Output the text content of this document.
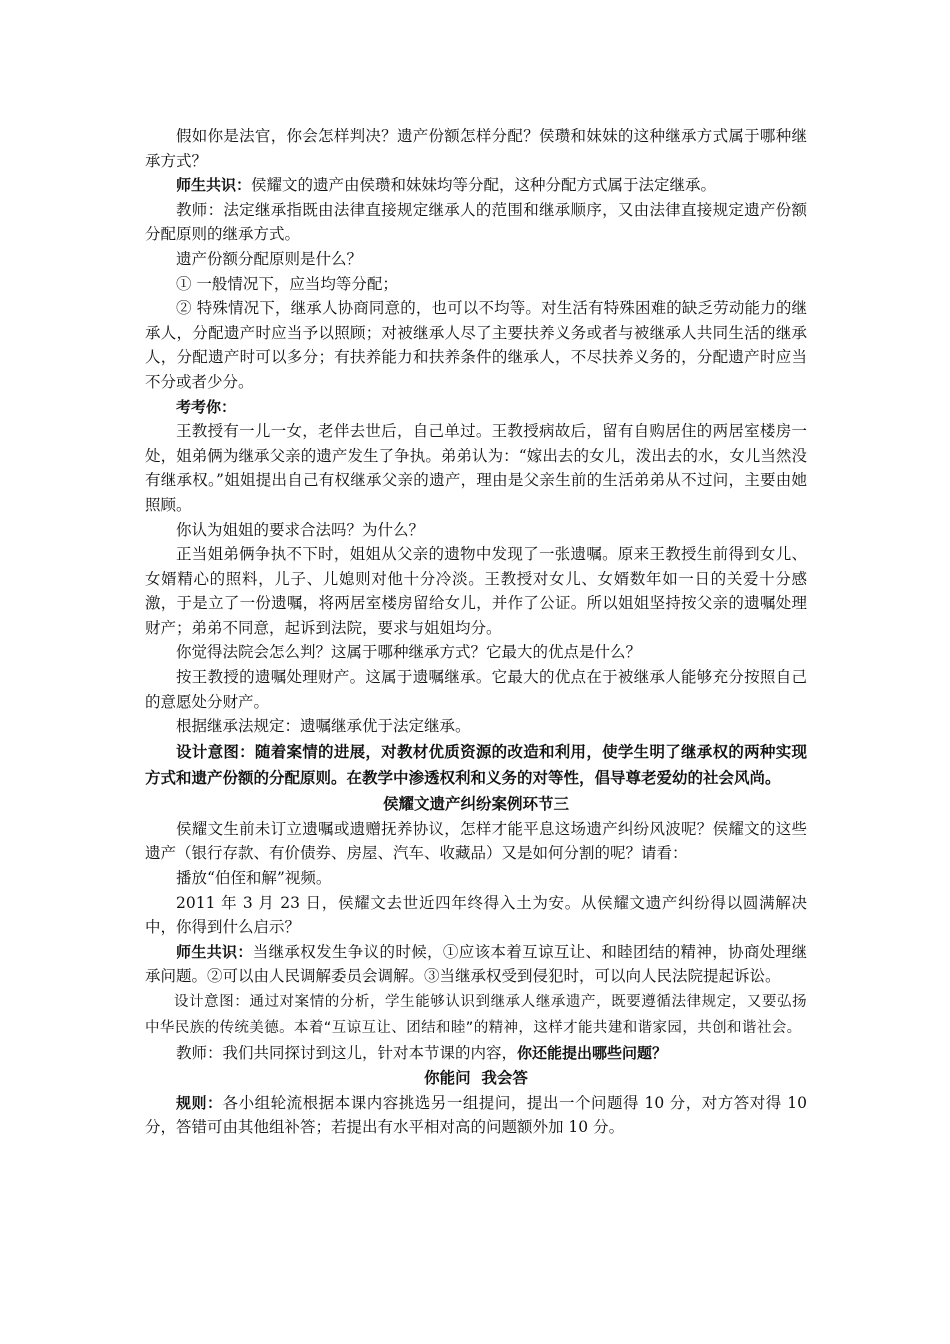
假如你是法官，你会怎样判决？遗产份额怎样分配？侯瓒和妹妹的这种继承方式属于哪种继承方式？

师生共识：侯耀文的遗产由侯瓒和妹妹均等分配，这种分配方式属于法定继承。

教师：法定继承指既由法律直接规定继承人的范围和继承顺序，又由法律直接规定遗产份额分配原则的继承方式。

遗产份额分配原则是什么？

① 一般情况下，应当均等分配；

② 特殊情况下，继承人协商同意的，也可以不均等。对生活有特殊困难的缺乏劳动能力的继承人，分配遗产时应当予以照顾；对被继承人尽了主要扶养义务或者与被继承人共同生活的继承人，分配遗产时可以多分；有扶养能力和扶养条件的继承人，不尽扶养义务的，分配遗产时应当不分或者少分。

考考你：

王教授有一儿一女，老伴去世后，自己单过。王教授病故后，留有自购居住的两居室楼房一处，姐弟俩为继承父亲的遗产发生了争执。弟弟认为：“嫁出去的女儿，泼出去的水，女儿当然没有继承权。”姐姐提出自己有权继承父亲的遗产，理由是父亲生前的生活弟弟从不过问，主要由她照顾。

你认为姐姐的要求合法吗？为什么？

正当姐弟俩争执不下时，姐姐从父亲的遗物中发现了一张遗嘱。原来王教授生前得到女儿、女婿精心的照料，儿子、儿媳则对他十分冷淡。王教授对女儿、女婿数年如一日的关爱十分感激，于是立了一份遗嘱，将两居室楼房留给女儿，并作了公证。所以姐姐坚持按父亲的遗嘱处理财产；弟弟不同意，起诉到法院，要求与姐姐均分。

你觉得法院会怎么判？这属于哪种继承方式？它最大的优点是什么？

按王教授的遗嘱处理财产。这属于遗嘱继承。它最大的优点在于被继承人能够充分按照自己的意愿处分财产。

根据继承法规定：遗嘱继承优于法定继承。

设计意图：随着案情的进展，对教材优质资源的改造和利用，使学生明了继承权的两种实现方式和遗产份额的分配原则。在教学中渗透权利和义务的对等性，倡导尊老爱幼的社会风尚。

侯耀文遗产纠纷案例环节三

侯耀文生前未订立遗嘱或遗赠抚养协议，怎样才能平息这场遗产纠纷风波呢？侯耀文的这些遗产（银行存款、有价债券、房屋、汽车、收藏品）又是如何分割的呢？请看：

播放“伯侄和解”视频。

2011 年 3 月 23 日，侯耀文去世近四年终得入土为安。从侯耀文遗产纠纷得以圆满解决中，你得到什么启示？

师生共识：当继承权发生争议的时候，①应该本着互谅互让、和睦团结的精神，协商处理继承问题。②可以由人民调解委员会调解。③当继承权受到侵犯时，可以向人民法院提起诉讼。

设计意图：通过对案情的分析，学生能够认识到继承人继承遗产，既要遵循法律规定，又要弘扬中华民族的传统美德。本着“互谅互让、团结和睦”的精神，这样才能共建和谐家园，共创和谐社会。

教师：我们共同探讨到这儿，针对本节课的内容，你还能提出哪些问题？

你能问  我会答

规则：各小组轮流根据本课内容挑选另一组提问，提出一个问题得 10 分，对方答对得 10 分，答错可由其他组补答；若提出有水平相对高的问题额外加 10 分。
